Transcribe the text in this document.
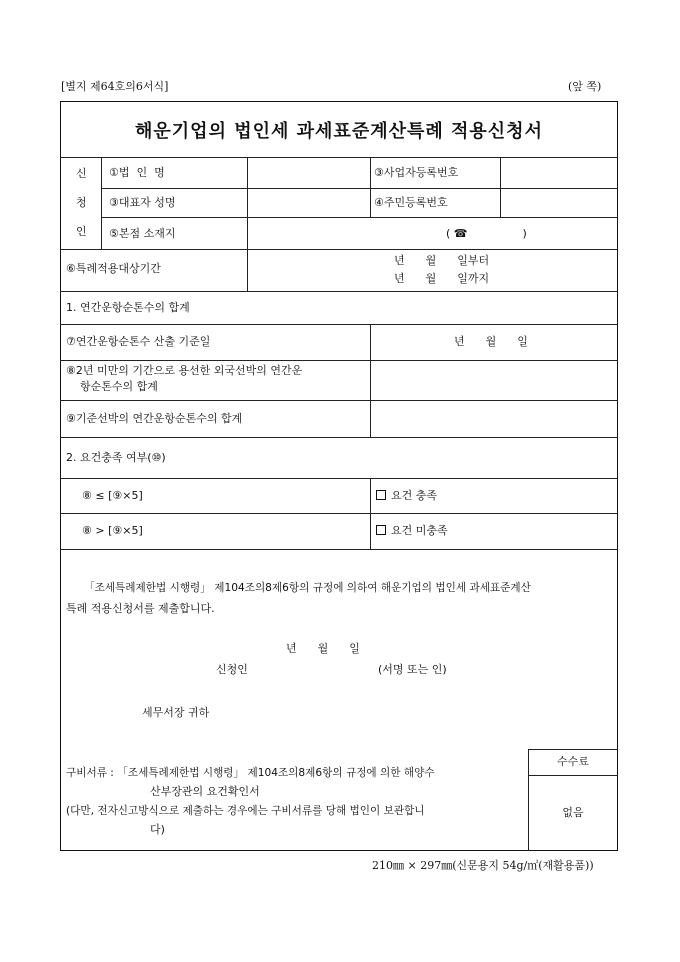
[별지 제64호의6서식]	(앞 쪽)
해운기업의 법인세 과세표준계산특례 적용신청서
신
청
인
①법  인  명	③사업자등록번호
③대표자 성명	④주민등록번호
⑤본점 소재지	( ☎	)
⑥특례적용대상기간
년      월      일부터
년      월      일까지
1. 연간운항순톤수의 합계
⑦연간운항순톤수 산출 기준일	년      월      일
⑧2년 미만의 기간으로 용선한 외국선박의 연간운
항순톤수의 합계
⑨기준선박의 연간운항순톤수의 합계
2. 요건충족 여부(⑩)
⑧ ≤ [⑨×5]	요건 충족
⑧ > [⑨×5]	요건 미충족
「조세특례제한법 시행령」 제104조의8제6항의 규정에 의하여 해운기업의 법인세 과세표준계산
특례 적용신청서를 제출합니다.
년      월      일
신청인	(서명 또는 인)
세무서장 귀하
구비서류 : 「조세특례제한법 시행령」 제104조의8제6항의 규정에 의한 해양수
산부장관의 요건확인서
(다만, 전자신고방식으로 제출하는 경우에는 구비서류를 당해 법인이 보관합니
다)
수수료
없음
210㎜ × 297㎜(신문용지 54g/㎡(재활용품))
